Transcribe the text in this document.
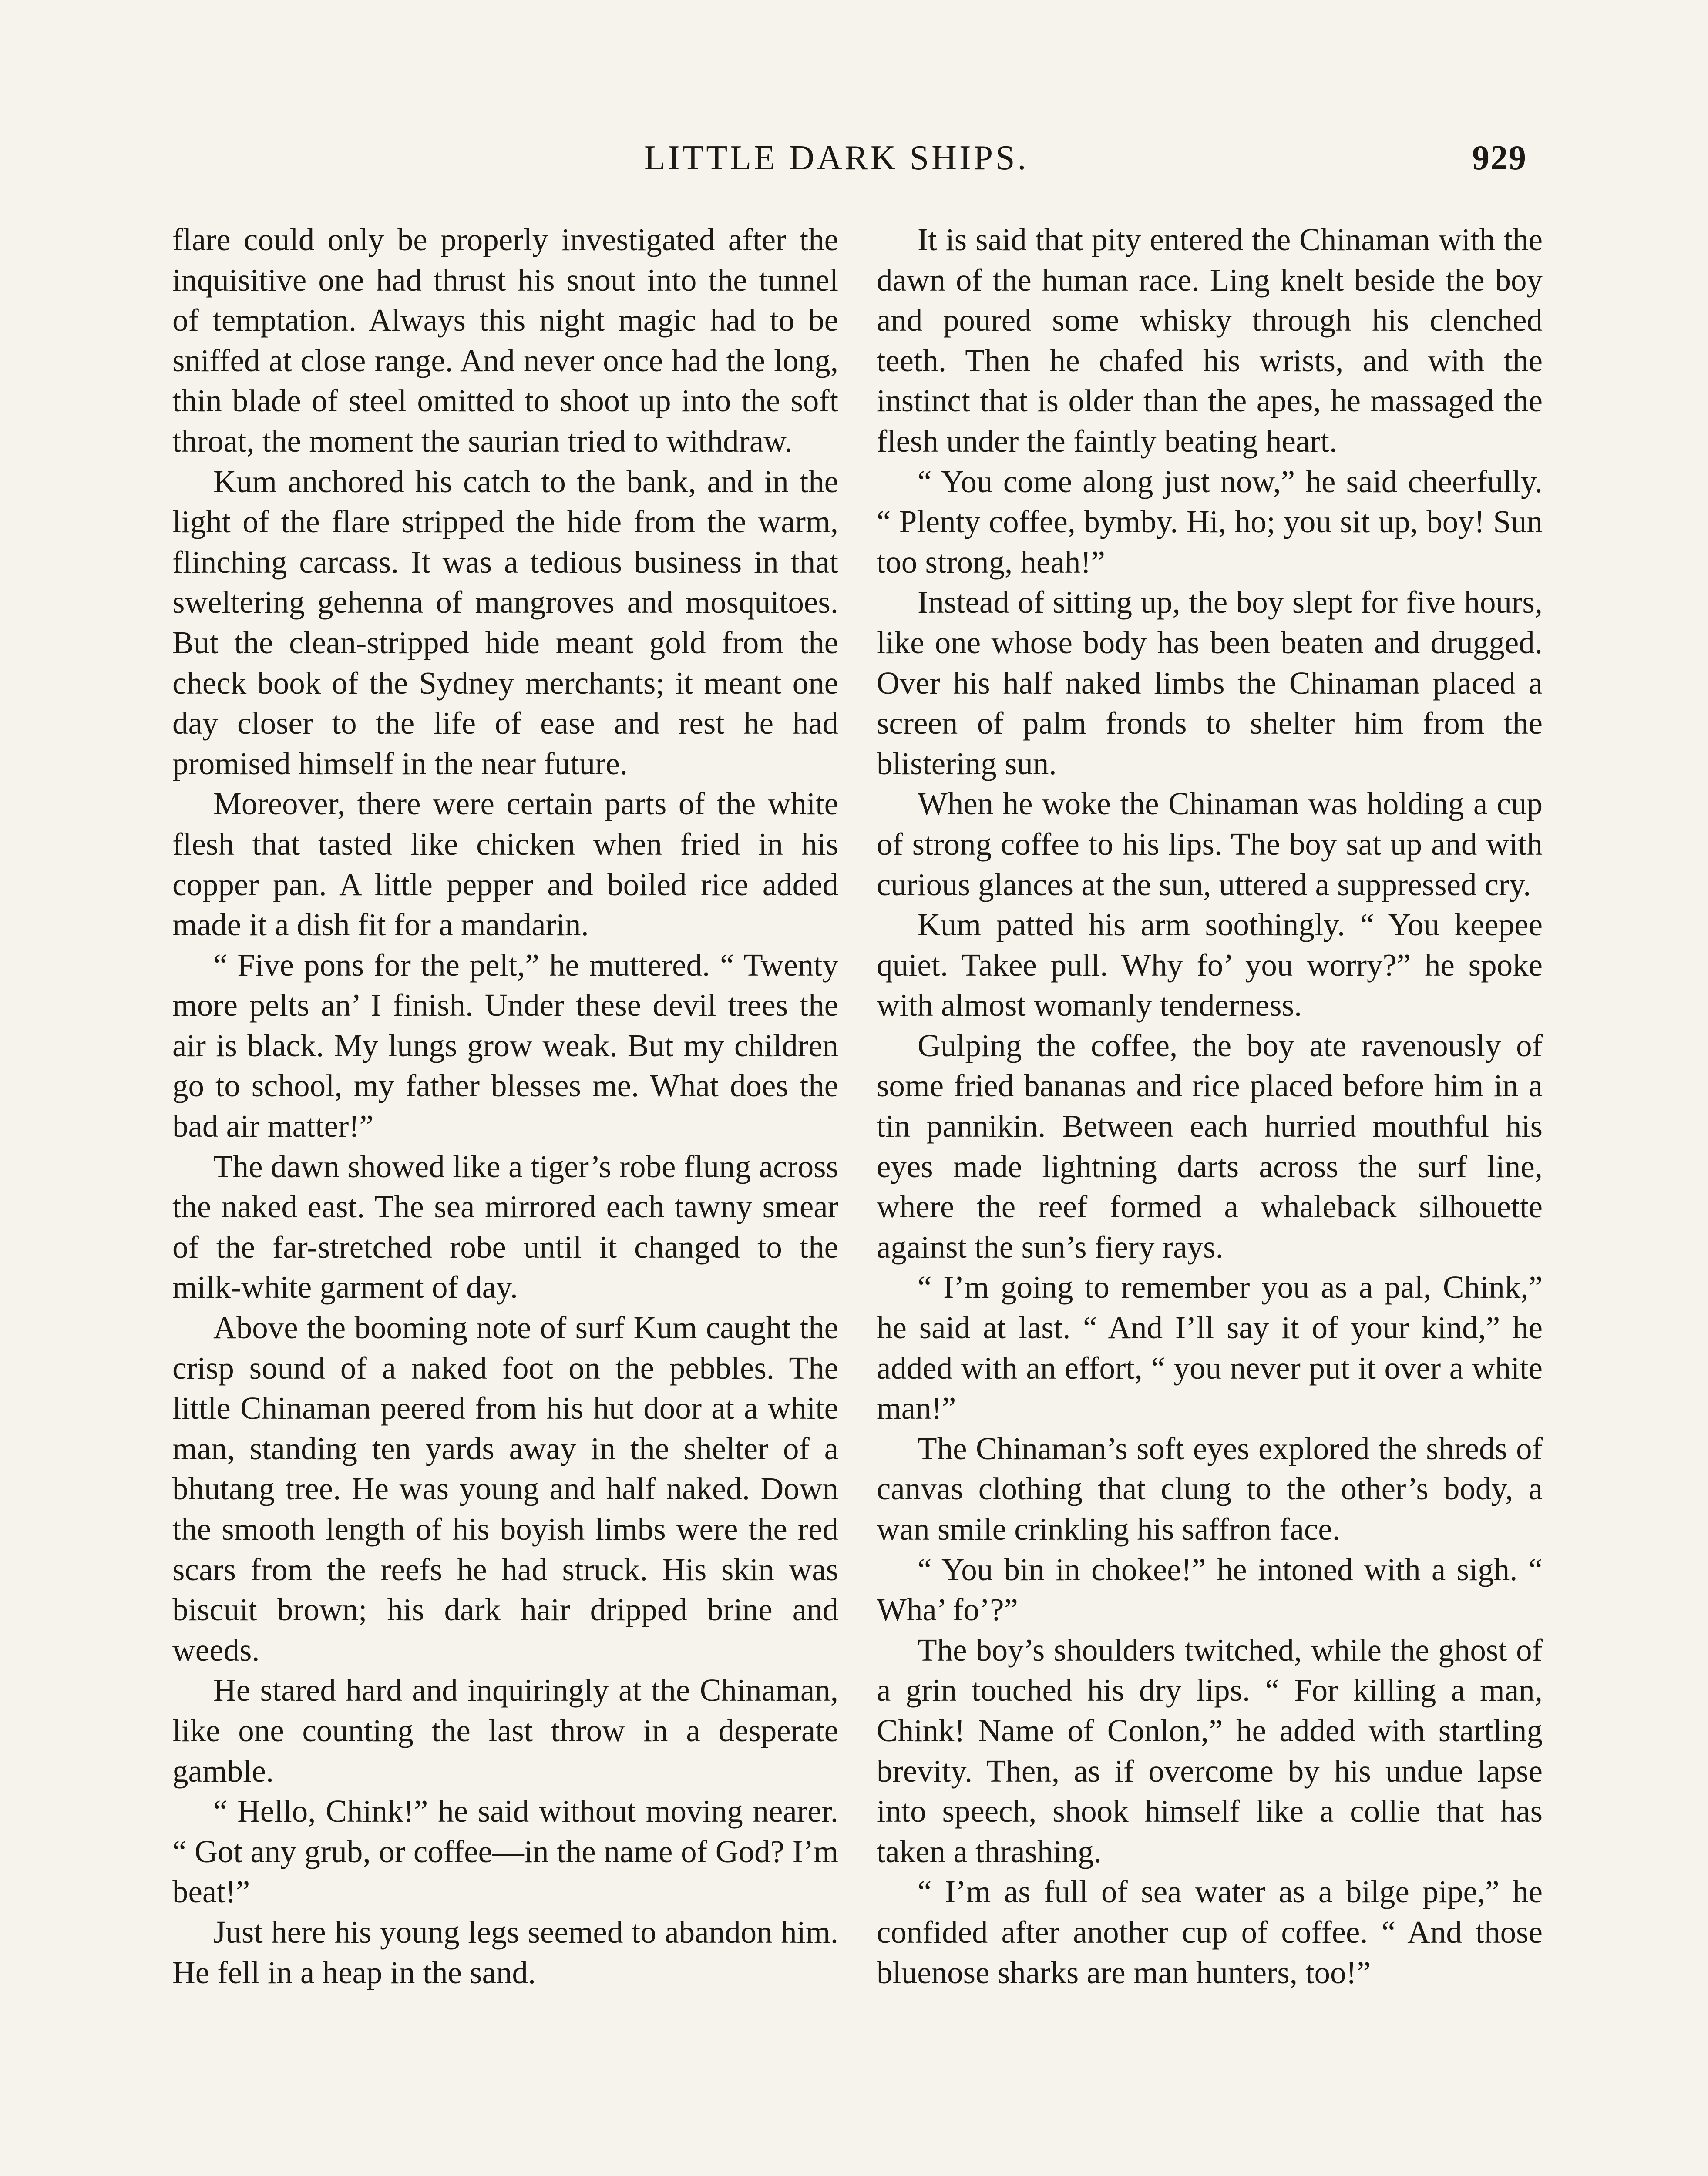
LITTLE DARK SHIPS.	929

flare could only be properly investigated after the inquisitive one had thrust his snout into the tunnel of temptation. Always this night magic had to be sniffed at close range. And never once had the long, thin blade of steel omitted to shoot up into the soft throat, the moment the saurian tried to withdraw.

Kum anchored his catch to the bank, and in the light of the flare stripped the hide from the warm, flinching carcass. It was a tedious business in that sweltering gehenna of mangroves and mosquitoes. But the clean-stripped hide meant gold from the check book of the Sydney merchants; it meant one day closer to the life of ease and rest he had promised himself in the near future.

Moreover, there were certain parts of the white flesh that tasted like chicken when fried in his copper pan. A little pepper and boiled rice added made it a dish fit for a mandarin.

“ Five pons for the pelt,” he muttered. “ Twenty more pelts an’ I finish. Under these devil trees the air is black. My lungs grow weak. But my children go to school, my father blesses me. What does the bad air matter!”

The dawn showed like a tiger’s robe flung across the naked east. The sea mirrored each tawny smear of the far-stretched robe until it changed to the milk-white garment of day.

Above the booming note of surf Kum caught the crisp sound of a naked foot on the pebbles. The little Chinaman peered from his hut door at a white man, standing ten yards away in the shelter of a bhutang tree. He was young and half naked. Down the smooth length of his boyish limbs were the red scars from the reefs he had struck. His skin was biscuit brown; his dark hair dripped brine and weeds.

He stared hard and inquiringly at the Chinaman, like one counting the last throw in a desperate gamble.

“ Hello, Chink!” he said without moving nearer. “ Got any grub, or coffee—in the name of God? I’m beat!”

Just here his young legs seemed to abandon him. He fell in a heap in the sand.

It is said that pity entered the Chinaman with the dawn of the human race. Ling knelt beside the boy and poured some whisky through his clenched teeth. Then he chafed his wrists, and with the instinct that is older than the apes, he massaged the flesh under the faintly beating heart.

“ You come along just now,” he said cheerfully. “ Plenty coffee, bymby. Hi, ho; you sit up, boy! Sun too strong, heah!”

Instead of sitting up, the boy slept for five hours, like one whose body has been beaten and drugged. Over his half naked limbs the Chinaman placed a screen of palm fronds to shelter him from the blistering sun.

When he woke the Chinaman was holding a cup of strong coffee to his lips. The boy sat up and with curious glances at the sun, uttered a suppressed cry.

Kum patted his arm soothingly. “ You keepee quiet. Takee pull. Why fo’ you worry?” he spoke with almost womanly tenderness.

Gulping the coffee, the boy ate ravenously of some fried bananas and rice placed before him in a tin pannikin. Between each hurried mouthful his eyes made lightning darts across the surf line, where the reef formed a whaleback silhouette against the sun’s fiery rays.

“ I’m going to remember you as a pal, Chink,” he said at last. “ And I’ll say it of your kind,” he added with an effort, “ you never put it over a white man!”

The Chinaman’s soft eyes explored the shreds of canvas clothing that clung to the other’s body, a wan smile crinkling his saffron face.

“ You bin in chokee!” he intoned with a sigh. “ Wha’ fo’?”

The boy’s shoulders twitched, while the ghost of a grin touched his dry lips. “ For killing a man, Chink! Name of Conlon,” he added with startling brevity. Then, as if overcome by his undue lapse into speech, shook himself like a collie that has taken a thrashing.

“ I’m as full of sea water as a bilge pipe,” he confided after another cup of coffee. “ And those bluenose sharks are man hunters, too!”
